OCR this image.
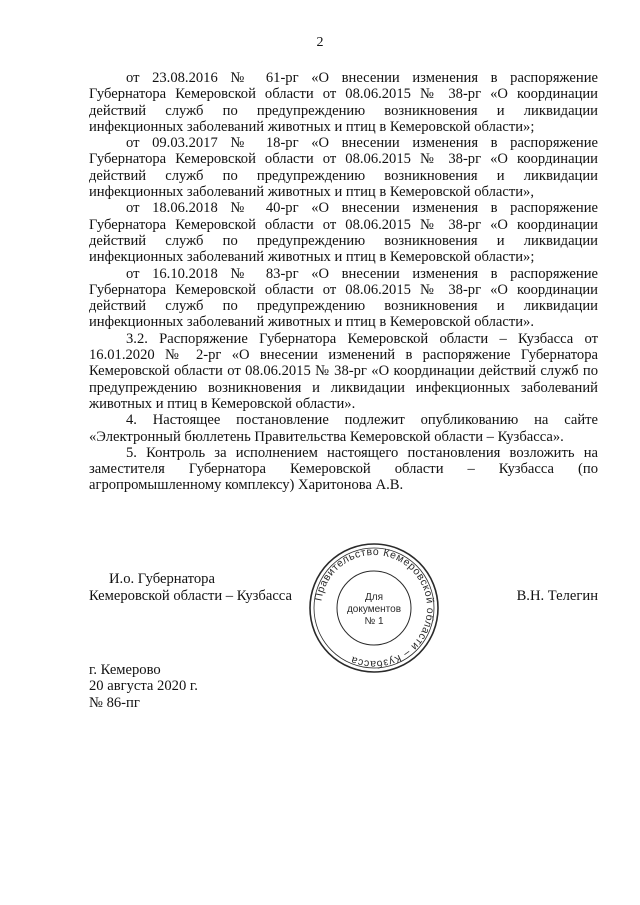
2

от 23.08.2016 № 61-рг «О внесении изменения в распоряжение Губернатора Кемеровской области от 08.06.2015 № 38-рг «О координации действий служб по предупреждению возникновения и ликвидации инфекционных заболеваний животных и птиц в Кемеровской области»;

от 09.03.2017 № 18-рг «О внесении изменения в распоряжение Губернатора Кемеровской области от 08.06.2015 № 38-рг «О координации действий служб по предупреждению возникновения и ликвидации инфекционных заболеваний животных и птиц в Кемеровской области»,

от 18.06.2018 № 40-рг «О внесении изменения в распоряжение Губернатора Кемеровской области от 08.06.2015 № 38-рг «О координации действий служб по предупреждению возникновения и ликвидации инфекционных заболеваний животных и птиц в Кемеровской области»;

от 16.10.2018 № 83-рг «О внесении изменения в распоряжение Губернатора Кемеровской области от 08.06.2015 № 38-рг «О координации действий служб по предупреждению возникновения и ликвидации инфекционных заболеваний животных и птиц в Кемеровской области».

3.2. Распоряжение Губернатора Кемеровской области – Кузбасса от 16.01.2020 № 2-рг «О внесении изменений в распоряжение Губернатора Кемеровской области от 08.06.2015 № 38-рг «О координации действий служб по предупреждению возникновения и ликвидации инфекционных заболеваний животных и птиц в Кемеровской области».

4. Настоящее постановление подлежит опубликованию на сайте «Электронный бюллетень Правительства Кемеровской области – Кузбасса».

5. Контроль за исполнением настоящего постановления возложить на заместителя Губернатора Кемеровской области – Кузбасса (по агропромышленному комплексу) Харитонова А.В.

И.о. Губернатора
Кемеровской области – Кузбасса	В.Н. Телегин
Правительство Кемеровской области – Кузбасса
Для
документов
№ 1
г. Кемерово
20 августа 2020 г.
№ 86-пг
